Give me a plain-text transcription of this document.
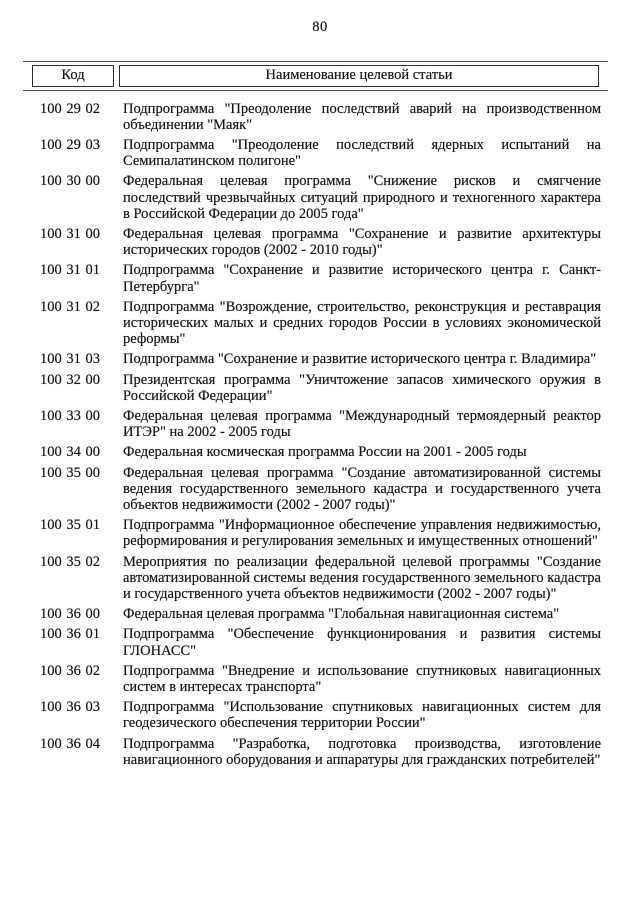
80
Код	Наименование целевой статьи
100 29 02	Подпрограмма "Преодоление последствий аварий на производственном объединении "Маяк"
100 29 03	Подпрограмма "Преодоление последствий ядерных испытаний на Семипалатинском полигоне"
100 30 00	Федеральная целевая программа "Снижение рисков и смягчение последствий чрезвычайных ситуаций природного и техногенного характера в Российской Федерации до 2005 года"
100 31 00	Федеральная целевая программа "Сохранение и развитие архитектуры исторических городов (2002 - 2010 годы)"
100 31 01	Подпрограмма "Сохранение и развитие исторического центра г. Санкт-Петербурга"
100 31 02	Подпрограмма "Возрождение, строительство, реконструкция и реставрация исторических малых и средних городов России в условиях экономической реформы"
100 31 03	Подпрограмма "Сохранение и развитие исторического центра г. Владимира"
100 32 00	Президентская программа "Уничтожение запасов химического оружия в Российской Федерации"
100 33 00	Федеральная целевая программа "Международный термоядерный реактор ИТЭР" на 2002 - 2005 годы
100 34 00	Федеральная космическая программа России на 2001 - 2005 годы
100 35 00	Федеральная целевая программа "Создание автоматизированной системы ведения государственного земельного кадастра и государственного учета объектов недвижимости (2002 - 2007 годы)"
100 35 01	Подпрограмма "Информационное обеспечение управления недвижимостью, реформирования и регулирования земельных и имущественных отношений"
100 35 02	Мероприятия по реализации федеральной целевой программы "Создание автоматизированной системы ведения государственного земельного кадастра и государственного учета объектов недвижимости (2002 - 2007 годы)"
100 36 00	Федеральная целевая программа "Глобальная навигационная система"
100 36 01	Подпрограмма "Обеспечение функционирования и развития системы ГЛОНАСС"
100 36 02	Подпрограмма "Внедрение и использование спутниковых навигационных систем в интересах транспорта"
100 36 03	Подпрограмма "Использование спутниковых навигационных систем для геодезического обеспечения территории России"
100 36 04	Подпрограмма "Разработка, подготовка производства, изготовление навигационного оборудования и аппаратуры для гражданских потребителей"
